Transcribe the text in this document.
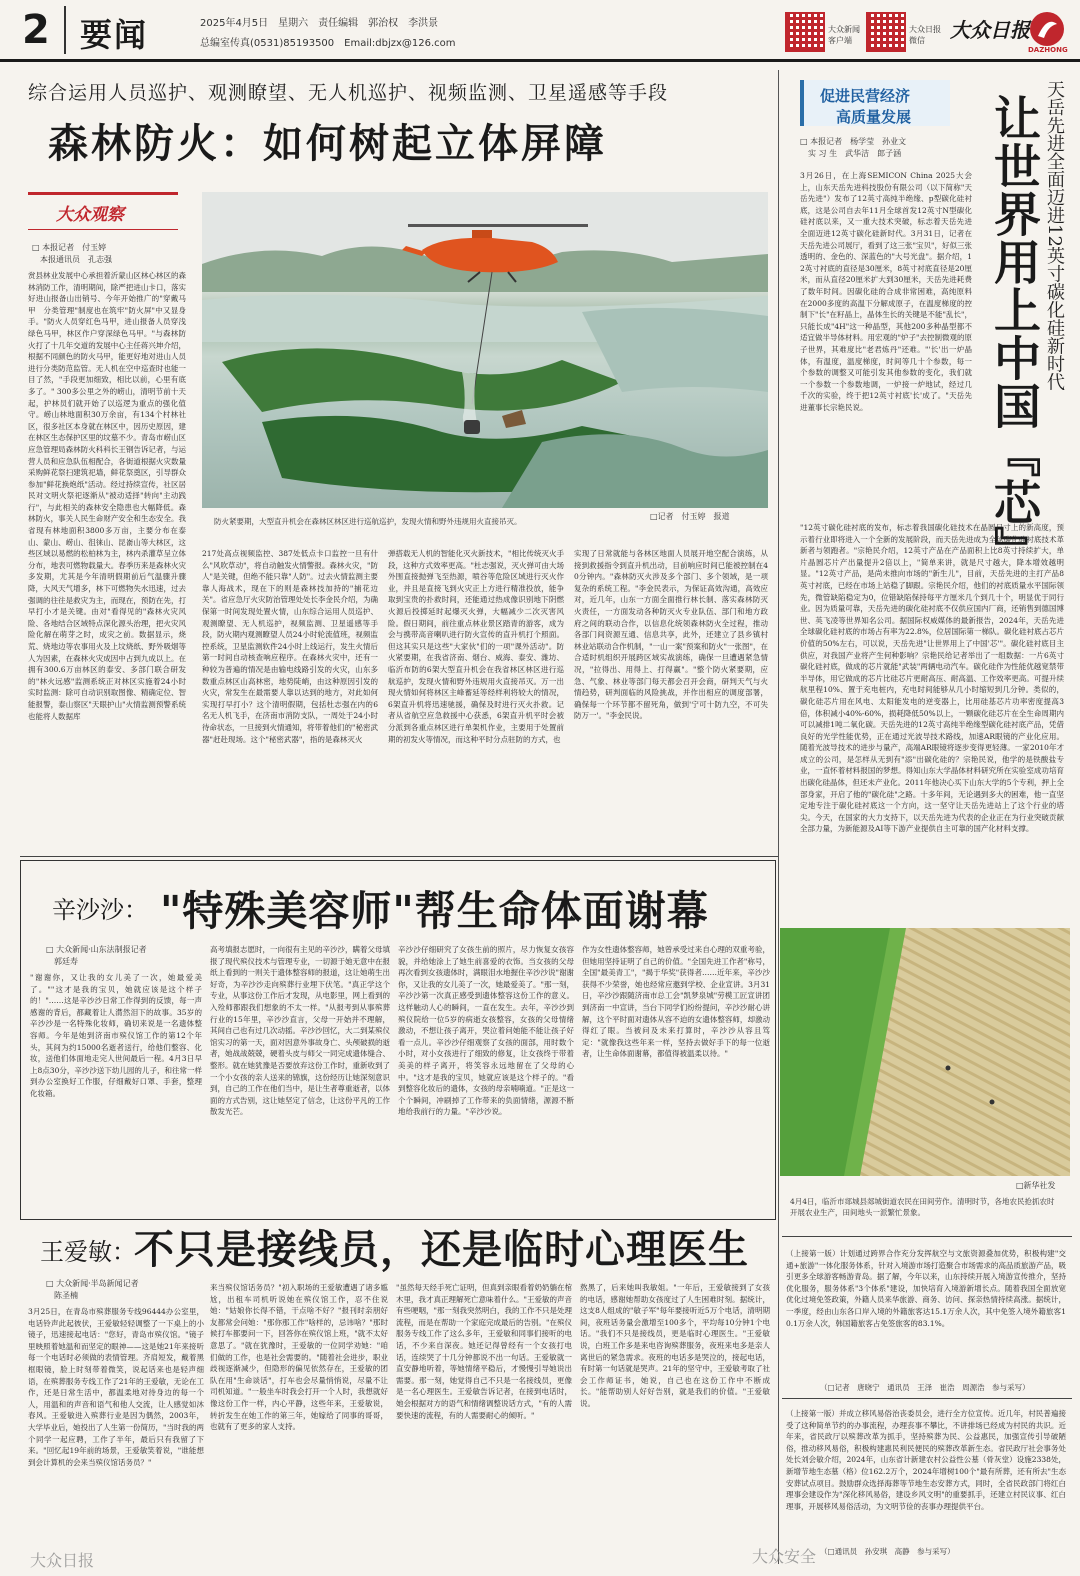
2 要闻	2025年4月5日　星期六　责任编辑　郭治权　李洪景
总编室传真(0531)85193500　Email:dbjzx@126.com
大众新闻
客户端
大众日报
微信	大众日报
DAZHONG
综合运用人员巡护、观测瞭望、无人机巡护、视频监测、卫星遥感等手段
森林防火：如何树起立体屏障
大众观察
□ 本报记者　付玉婷
　本报通讯员　孔志强
赏县林业发展中心承担着沂蒙山区林心林区的森林消防工作，清明期间，除严把进山卡口，落实好进山报备山出销号、今年开始推广的"穿戴马甲　分类管理"制度也在筑牢"防火屏"中又显身手。"防火人员穿红色马甲，进山报备人员穿浅绿色马甲，林区作户穿深绿色马甲。"与森林防火打了十几年交道的发展中心主任蒋兴坤介绍，根据不同颜色的防火马甲，能更好地对进山人员进行分类防范监管。无人机在空中巡查时也能一目了然，"手段更加细致，相比以前，心里有底多了。" 300多公里之外的崂山，清明节前十天起，护林员们就开始了以巡逻为重点的强化值守。崂山林地面积30万余亩，有134个村林社区，很多社区本身就在林区中，因历史原因，建在林区生态保护区里的坟墓不少。青岛市崂山区应急管理局森林防火科科长王钢告诉记者，与运营人员和应急队伍相配合，各街道根据火灾数量采购鲜花祭扫建筑祀墙，鲜花祭奠区，引导群众参加"鲜花换炮纸"活动。经过持续宣传，社区居民对文明火祭祀逐渐从"被动适择"转向"主动践行"，与此相关的森林安全隐患也大幅降低。森林防火，事关人民生命财产安全和生态安全。我省现有林地面积3800多万亩，主要分布在泰山、蒙山、崂山、徂徕山、昆嵛山等大林区，这些区域以易燃的松柏林为主，林内杀灌草呈立体分布，地表可燃物载量大。春季历来是森林火灾多发期，尤其是今年清明假期前后气温骤升骤降，大风天气增多，林下可燃物失水迅速，过去强调的往往是救灾为主，而现在，预防在先，打早打小才是关键。由对"看得见的"森林火灾风险、各地结合区域特点深化源头治理，把火灾风险化解在萌芽之时，成灾之前。数据显示，烧荒、烧地边等农事用火及上坟烧纸、野外吸烟等人为因素，在森林火灾成因中占到九成以上。在拥有300.6万亩林区的泰安、多部门联合研发的"林火远感"监测系统正对林区实施着24小时实时监测：除可自动识别取图像、精确定位、智能报警，泰山察区"天眼护山"火情监测预警系统也能将人数据库
防火紧要期，大型直升机会在森林区林区进行巡航巡护，发现火情和野外违规用火直接吊灭。
□记者　付玉婷　报道
217处高点视频监控、387处低点卡口监控一旦有什么"风吹草动"，将自动触发火情警报。森林火灾，"防人"是关键，但绝不能只靠"人防"。过去火情监测主要靠人海战术，现在下的则是森林技加持的"捕花边关"。省应急厅火灾防治管理处处长李金民介绍，为确保第一时间发现处置火情，山东综合运用人员巡护、观测瞭望、无人机巡护，视频监测、卫星遥感等手段，防火期内观测瞭望人员24小时轮流值班，视频监控系统，卫星监测软件24小时上线运行，发生火情后第一时间自动核查响应程序。在森林火灾中，还有一种较为普遍的情况是由输电线路引发的火灾，山东多数重点林区山高林密，地势陡峭，由这种原因引发的火灾，常发生在最需要人靠以达到的地方，对此如何实现打早打小？这个清明假期，包括杜志强在内的6名无人机飞手，在济南市消防支队，一周处于24小时待命状态，一旦接到火情通知，将带着他们的"秘密武器"赶赴现场。这个"秘密武器"，指的是森林灭火
弹搭载无人机的智能化灭火新技术，"相比传统灭火手段，这种方式效率更高。"杜志强说，灭火弹可由大场外围直接抛弹飞至热源，喷谷等危险区域进行灭火作业，并且是直接飞到火灾正上方进行精准投放，能争取到宝贵的扑救时间，还能通过热成像识别地下阴燃火源后投掷延时起爆灭火弹，大幅减少二次灭害风险。假日期间，前往重点林业景区踏青的游客，成为会与携带高音喇叭进行防火宣传的直升机打个照面。但这其实只是这些"大家伙"们的一项"课外活动"。防火紧要期，在我省济南、烟台、威海、泰安、潍坊、临沂布防的6架大型直升机会在我省林区林区进行巡航巡护，发现火情和野外违规用火直接吊灭。万一出现火情如何将林区主峰蓄延等经样利将较大的情况，6架直升机将迅速驰援，确保及时进行灭火扑救。记者从省航空应急救援中心获悉，6架直升机平时会被分派到各重点林区进行单架机作业，主要用于处置前期的初发火等情况，而这种平时分点驻防的方式，也
实现了日常就能与各林区地面人员展开地空配合演练，从接到救援指令到直升机出动，目前响应时间已能被控制在40分钟内。"森林防灭火涉及多个部门、多个领域，是一项复杂的系统工程。"李金民表示，为保证高效沟通，高效应对，近几年，山东一方面全面推行林长制、落实森林防灭火责任，一方面发动各种防灭火专业队伍、部门和地方政府之间的联动合作，以信息化统领森林防火全过程，推动各部门间资源互通、信息共享，此外，还建立了县乡镇村林业站联动合作机制，"一山一案"预案和防火"一张图"，在合适时机组织开展跨区域实战演练，确保一旦遭遇紧急情况，"拉得出、用得上、打得赢"。"整个防火紧要期，应急、气象、林业等部门每天都会召开会商，研判天气与火情趋势，研判面临的风险挑战，并作出相应的调度部署，确保每一个环节都不留死角，做到'宁可十防九空，不可失防万一'。"李金民说。
促进民营经济
高质量发展
□ 本报记者　杨学莹　孙业文
　实 习 生　武华洁　郎子涵 让世界用上中国『芯』 天岳先进全面迈进12英寸碳化硅新时代
3月26日，在上海SEMICON China 2025大会上，山东天岳先进科技股份有限公司（以下简称"天岳先进"）发布了12英寸高纯半绝缘、p型碳化硅衬底，这是公司自去年11月全球首发12英寸N型碳化硅衬底以来，又一重大技术突破，标志着天岳先进全面迈进12英寸碳化硅新时代。3月31日，记者在天岳先进公司展厅，看到了这三张"宝贝"，好似三张透明的、金色的、深蓝色的"大号光盘"。据介绍，12英寸衬底的直径是30厘米，8英寸衬底直径是20厘米，而从直径20厘米扩大到30厘米，天岳先进耗费了数年时间。因碳化硅的合成非常困难，高纯原料在2000多度的高温下分解成原子，在温度梯度的控制下"长"在籽晶上，晶体生长的关键是不能"乱长"，只能长成"4H"这一种晶型，其他200多种晶型都不适宜做半导体材料。用宏观的"炉子"去控制微观的原子世界，其难度比"老君炼丹"还难。"'长'出一炉晶体，有温度，温度梯度，时间等几十个参数，每一个参数的调整又可能引发其他参数的变化，我们就一个参数一个参数地调，一炉接一炉地试，经过几千次的实验，终于把12英寸衬底'长'成了。"天岳先进董事长宗艳民说。
"12英寸碳化硅衬底的发布，标志着我国碳化硅技术在晶圆尺寸上的新高度，预示着行业即将进入一个全新的发展阶段，而天岳先进成为全球碳化硅衬底技术革新者与领跑者。"宗艳民介绍，12英寸产品在产品面积上比8英寸持续扩大，单片晶圆芯片产出量提升2倍以上，"简单来讲，就是尺寸越大，降本增效越明显。"12英寸产品，是尚未推向市场的"新生儿"，目前，天岳先进的主打产品8英寸衬底，已经在市场上站稳了脚跟。宗艳民介绍，他们的衬底质量水平国际领先，微管缺陷稳定为0，位错缺陷保持每平方厘米几个到几十个，明显优于同行业。因为质量可靠，天岳先进的碳化硅衬底不仅供应国内厂商，还销售到德国博世、英飞凌等世界知名公司。据国际权威媒体的最新报告，2024年，天岳先进全球碳化硅衬底的市场占有率为22.8%，位居国际第一梯队。碳化硅衬底占芯片价值的50%左右，可以说，天岳先进"让世界用上了中国'芯'"。碳化硅衬底目主供应，对我国产业将产生何种影响？宗艳民给记者举出了一组数据：一片6英寸碳化硅衬底，做成的芯片就能"武装"两辆电动汽车。碳化硅作为性能优越宽禁带半导体，用它做成的芯片比硅芯片更耐高压、耐高温、工作效率更高。可提升续航里程10%、置于充电桩内，充电时间能够从几小时缩短到几分钟。类似的，碳化硅芯片用在风电、太阳能发电的逆变器上，比用硅基芯片功率密度提高3倍，体积减小40%-60%，损耗降低50%以上，一颗碳化硅芯片在全生命周期内可以减排1吨二氧化碳。天岳先进的12英寸高纯半绝缘型碳化硅衬底产品，凭借良好的光学性能优势，正在通过光波导技术路线，加速AR眼镜的产业化应用。随着光波导技术的进步与量产，高端AR眼镜将逐步变得更轻薄。一家2010年才成立的公司，是怎样从无到有"添"出碳化硅的？宗艳民说，他学的是铁酸盐专业，一直怀着材料报国的梦想。得知山东大学晶体材料研究所在实验室成功培育出碳化硅晶体，但还未产业化。2011年他决心买下山东大学的5个专利，押上全部身家，开启了他的"碳化硅"之路。十多年间，无论遇到多大的困难，他一直坚定地专注于碳化硅衬底这一个方向，这一坚守让天岳先进站上了这个行业的塔尖。今天，在国家的大力支持下，以天岳先进为代表的企业正在为行业突破贡献全部力量，为新能源及AI等下游产业提供自主可靠的国产化材料支撑。
□新华社发
4月4日，临沂市郯城县郯城街道农民在田间劳作。清明时节，各地农民抢抓农时开展农业生产，田间地头一派繁忙景象。
（上接第一版）计划通过跨界合作充分发挥航空与文旅资源叠加优势，积极构建"交通+旅游"一体化服务体系，针对入境游市场打造聚合市场需求的高品质旅游产品，吸引更多全球游客畅游青岛。据了解，今年以来，山东持续开展入境游宣传推介，坚持优化服务，服务体系"3个体系"建设，加快培育入境游新增长点。随着我国全面放宽优化过境免签政策，外籍人员来华旅游、商务、访问、探亲热情持续高涨。据统计，一季度，经由山东各口岸入境的外籍旅客达15.1万余人次，其中免签入境外籍旅客10.1万余人次，韩国籍旅客占免签旅客的83.1%。
（□记者　唐晓宁　通讯员　王泽　崔浩　周源浩　参与采写）
（上接第一版）并成立移风易俗治丧委员会，进行全方位宣传。近几年，村民普遍接受了这种简单节约的办事流程，办理丧事不攀比，不讲排场已经成为村民的共识。近年来，省民政厅以殡葬改革为抓手，坚持殡葬为民、公益惠民，加强宣传引导破陋俗，推动移风易俗，积极构建惠民利民便民的殡葬改革新生态。省民政厅社会事务处处长刘会敏介绍，2024年，山东省计新建农村公益性公墓（骨灰堂）设施2338处，新增节地生态墓（格）位162.2万个，2024年增树100个"最有所葬，还有所去"生态安葬试点项目。鼓励群众选择海葬等节地生态安葬方式，同时，全省民政部门将红白理事会建设作为"深化移风易俗，建设乡风文明"的重要抓手，还建立村民议事、红白理事，开展移风易俗活动，为文明节俭的丧事办理提供平台。
（□通讯员　孙安琪　高静　参与采写）
辛沙沙： "特殊美容师"帮生命体面谢幕
□ 大众新闻·山东法制报记者
　郭廷寿
"谢谢你，又让我的女儿美了一次，她最爱美了。""这才是我的宝贝，她就应该是这个样子的！"……这是辛沙沙日常工作得到的反馈，每一声感谢的背后，都藏着让人潸然泪下的故事。35岁的辛沙沙是一名特殊化妆师，确切来说是一名遗体整容师。今年是她到济南市殡仪馆工作的第12个年头，其间为约15000名逝者送行，给他们整容、化妆，送他们体面地走完人世间最后一程。4月3日早上8点30分，辛沙沙送下幼儿园的儿子，和往常一样到办公室换好工作服，仔细戴好口罩、手套，整理化妆箱。
高考填报志愿时，一向很有主见的辛沙沙，瞒着父母填报了现代殡仪技术与管理专业，一切源于她无意中在报纸上看到的一则关于遗体整容师的报道，这让她萌生出好奇，为辛沙沙走向殡葬行业埋下伏笔。"真正学这个专业，从事这份工作后才发现，从电影里，网上看到的入殓师都跟我们想象的不太一样。"从报考到从事殡葬行业的15年里，辛沙沙直言，父母一开始并不理解，其间自己也有过几次动摇。辛沙沙回忆，大二到某殡仪馆实习的第一天，面对因意外事故身亡、头颅破损的逝者，她战战兢兢，硬着头皮与师父一同完成遗体缝合、整形。就在她犹豫是否要放弃这份工作时，重新收到了一个小女孩的亲人送来的锦旗，这份经历让她深刻意识到，自己的工作在他们当中，是让生者尊重逝者，以体面的方式告别，这让她坚定了信念，让这份平凡的工作散发光芒。
辛沙沙仔细研究了女孩生前的照片，尽力恢复女孩容貌，并给她涂上了她生前喜爱的衣饰。当女孩的父母再次看到女孩遗体时，满眼泪水地握住辛沙沙说"谢谢你，又让我的女儿美了一次，她最爱美了。"那一刻，辛沙沙第一次真正感受到遗体整容这份工作的意义。这样触动人心的瞬间，一直在发生。去年，辛沙沙到殡仪院给一位5岁的病逝女孩整容，女孩的父母情绪激动，不想让孩子离开，哭泣着问她能不能让孩子好看一点儿。辛沙沙仔细观察了女孩的面部，用时数个小时，对小女孩进行了细致的修复，让女孩终于带着美美的样子离开，将笑容永远地留在了父母的心中。"这才是我的宝贝，她就应该是这个样子的。"看到整容化妆后的遗体，女孩的母亲喃喃道。"正是这一个个瞬间，冲刷掉了工作带来的负面情绪，源源不断地给我前行的力量。"辛沙沙说。
作为女性遗体整容师，她曾承受过来自心理的双重考验，但她用坚持证明了自己的价值。"全国先进工作者"称号，全国"最美青工"，"揭于华奖"获得者……近年来，辛沙沙获得不少荣誉，她也经常应邀到学校、企业宣讲。3月31日，辛沙沙跟随济南市总工会"凯梦泉城"劳模工匠宣讲团到济南一中宣讲，当台下同学们纷纷提问，辛沙沙耐心讲解，这个平时面对遗体从容不迫的女遗体整容师，却激动得红了眼。当被问及未来打算时，辛沙沙从容且笃定："就像我这些年来一样，坚持去做好手下的每一位逝者，让生命体面谢幕，都值得被温柔以待。"
王爱敏：
不只是接线员，还是临时心理医生
□ 大众新闻·半岛新闻记者
　陈圣楠
3月25日，在青岛市殡葬服务专线96444办公室里，电话铃声此起彼伏，王爱敏轻轻调整了一下桌上的小镜子，迅速接起电话："您好，青岛市殡仪馆。"镜子里映照着她温和而坚定的眼神——这是她21年来接听每一个电话时必须做的表情管理。齐肩短发，戴着黑框眼镜，脸上时刻带着微笑，说起话来也是轻声细语，在殡葬服务专线工作了21年的王爱敏，无论在工作，还是日常生活中，都温柔地对待身边的每一个人，用温和的声音和语气和他人交流，让人感觉如沐春风。王爱敏进入殡葬行业是因为偶然，2003年，大学毕业后，她投出了人生第一份简历，"当时我的两个同学一起应聘，工作了半年，最后只有我留了下来。"回忆起19年前的场景，王爱敏笑着说，"谁能想到会计算机的会来当殡仪馆话务员？"
来当殡仪馆话务员？"初入职场的王爱敏遭遇了诸多尴尬，出租车司机听说她在殡仪馆工作，忍不住说她："姑娘你长得不错，干点啥不好？"报刊时亲朋好友都常会问她："那你那工作"啥样的，忌讳啥？"那时候打车都要问一下，回答你在殡仪馆上班，"就不太好意思了。"就在犹豫时，王爱敏的一位同学劝她："咱们做的工作，也是社会需要的。"随着社会进步，职业歧视逐渐减少，但隐形的偏见依然存在，王爱敏的团队在用"生命谈话"，打车也会尽量悄悄说，尽量不让司机知道。"一般坐车时我会打开一个人时，我想就好像这份工作一样，内心平静，这些年来，王爱敏说，转折发生在她工作的第三年，她嫁给了同事的哥哥，也就有了更多的家人支持。
"虽然每天经手死亡证明，但真到亲眼看着奶奶躺在棺木里，我才真正理解死亡意味着什么。"王爱敏的声音有些哽咽，"那一刻我突然明白，我的工作不只是处理流程，而是在帮助一个家庭完成最后的告别。"在殡仪服务专线工作了这么多年，王爱敏和同事们接听的电话，不少来自深夜。她还记得曾经有一个女孩打电话，连续哭了十几分钟都说不出一句话。王爱敏就一直安静地听着，等她情绪平稳后，才慢慢引导她说出需要。那一刻，她觉得自己不只是一名接线员，更像是一名心理医生。王爱敏告诉记者，在接到电话时，她会根据对方的语气和情绪调整说话方式，"有的人需要快速的流程，有的人需要耐心的倾听。"
熬黑了，后来她叫我敏姐。"一年后，王爱敏接到了女孩的电话，感谢她帮助女孩度过了人生困难时刻。据统计，这支8人组成的"敏子军"每年要接听近5万个电话，清明期间，夜班话务量会激增至100多个，平均每10分钟1个电话。"我们不只是接线员，更是临时心理医生。"王爱敏说，白班工作多是来电咨询殡葬服务，夜班来电多是亲人离世后的紧急需求。夜班的电话多是哭泣的，接起电话，有时第一句话就是哭声。21年的坚守中，王爱敏考取了社会工作师证书，她说，自己也在这份工作中不断成长。"能帮助别人好好告别，就是我们的价值。"王爱敏说。
大众日报	大众安全
